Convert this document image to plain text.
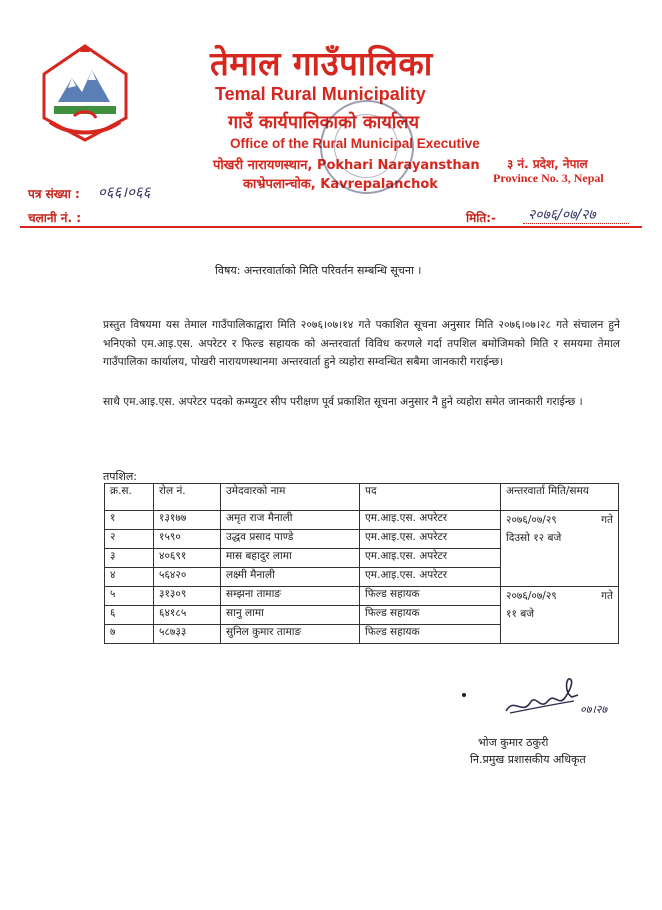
तेमाल गाउँपालिका
Temal Rural Municipality
गाउँ कार्यपालिकाको कार्यालय
Office of the Rural Municipal Executive
पोखरी नारायणस्थान, Pokhari Narayansthan
काभ्रेपलान्चोक, Kavrepalanchok
३ नं. प्रदेश, नेपाल
Province No. 3, Nepal
पत्र संख्या : ०६६।०६६
चलानी नं. :	मिति:- २०७६/०७/२७
विषय: अन्तरवार्ताको मिति परिवर्तन सम्बन्धि सूचना ।
प्रस्तुत विषयमा यस तेमाल गाउँपालिकाद्वारा मिति २०७६।०७।१४ गते पकाशित सूचना अनुसार मिति २०७६।०७।२८ गते संचालन हुने भनिएको एम.आइ.एस. अपरेटर र फिल्ड सहायक को अन्तरवार्ता विविध करणले गर्दा तपशिल बमोजिमको मिति र समयमा तेमाल गाउँपालिका कार्यालय, पोखरी नारायणस्थानमा अन्तरवार्ता हुने व्यहोरा सम्वन्धित सबैमा जानकारी गराईन्छ।
साथै एम.आइ.एस. अपरेटर पदको कम्प्युटर सीप परीक्षण पूर्व प्रकाशित सूचना अनुसार नै हुने व्यहोरा समेत जानकारी गराईन्छ ।
तपशिल:
क्र.स.	रोल नं.	उमेदवारको नाम	पद	अन्तरवार्ता मिति/समय
१	१३१७७	अमृत राज मैनाली	एम.आइ.एस. अपरेटर	२०७६/०७/२९ गते
दिउसो १२ बजे

२	१५९०	उद्धव प्रसाद पाण्डे	एम.आइ.एस. अपरेटर	
३	४०६९१	मास बहादुर लामा	एम.आइ.एस. अपरेटर	
४	५६४२०	लक्ष्मी मैनाली	एम.आइ.एस. अपरेटर	
५	३१३०९	सम्झना तामाङ	फिल्ड सहायक	२०७६/०७/२९ गते
११ बजे

६	६४१८५	सानु लामा	फिल्ड सहायक	
७	५८७३३	सुनिल कुमार तामाङ	फिल्ड सहायक	
०७।२७
भोज कुमार ठकुरी
नि.प्रमुख प्रशासकीय अधिकृत
